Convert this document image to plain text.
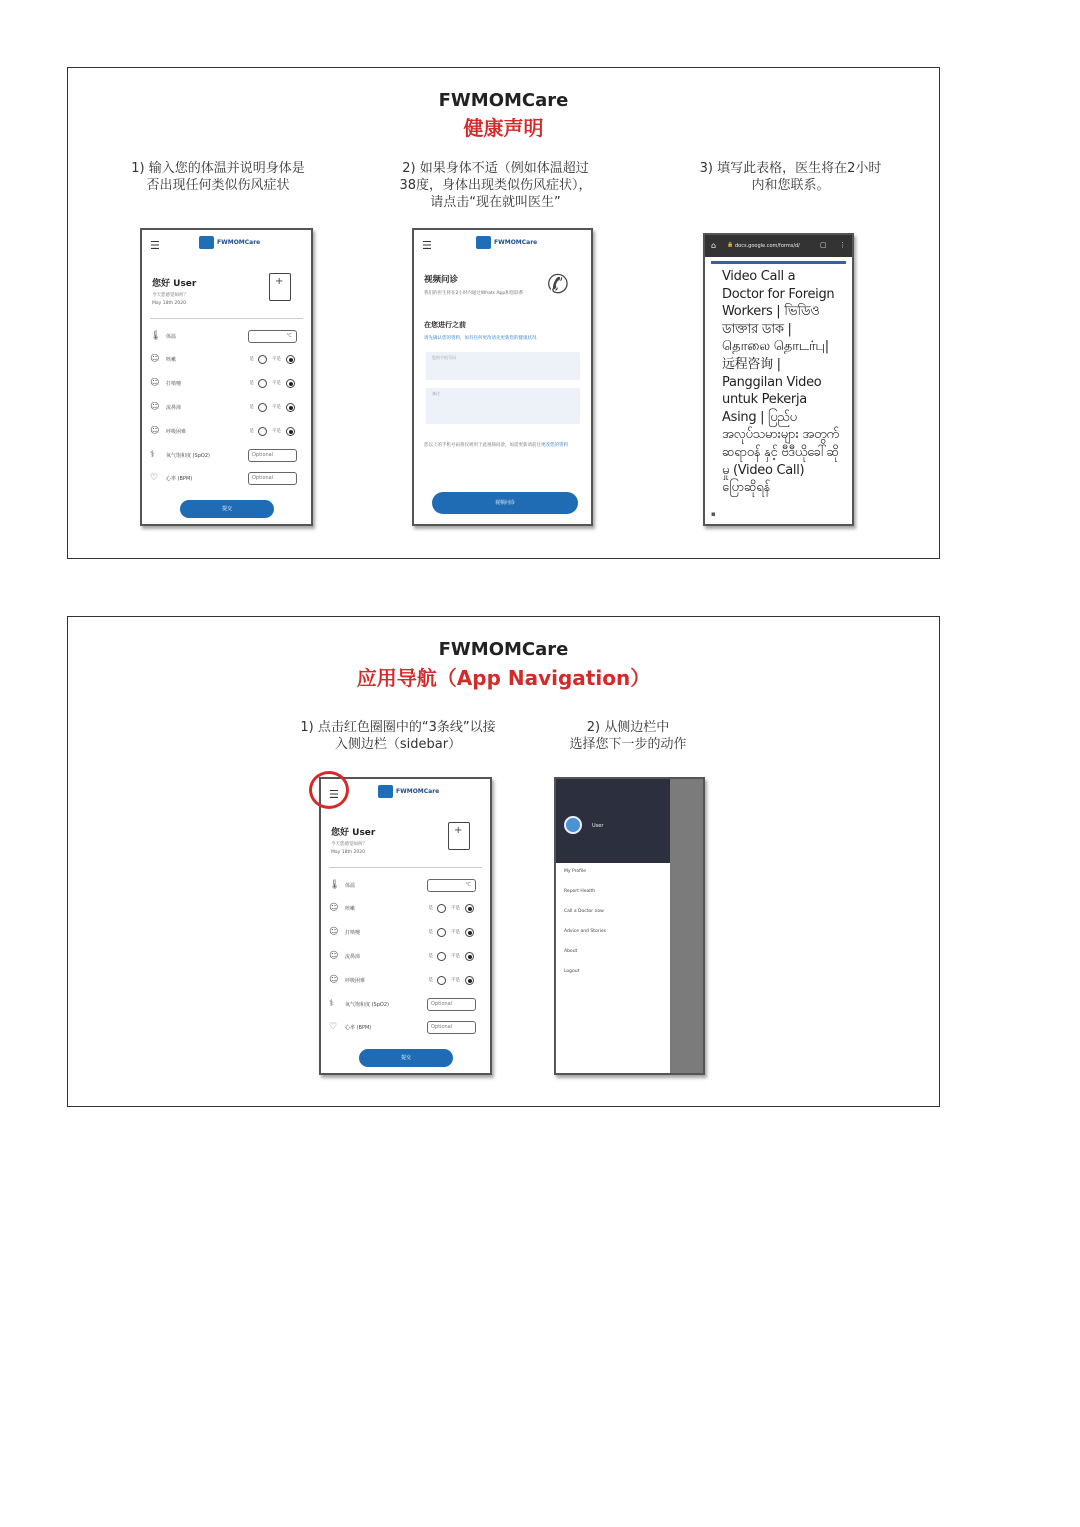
FWMOMCare
健康声明
1) 输入您的体温并说明身体是
否出现任何类似伤风症状
2) 如果身体不适（例如体温超过
38度，身体出现类似伤风症状），
请点击“现在就叫医生”
3) 填写此表格，医生将在2小时
内和您联系。
☰	FWMOMCare
您好 User
今天您感觉如何？
May 18th 2020
+
🌡 体温	℃
☺ 咳嗽	是	不是
☺ 打喷嚏	是	不是
☺ 流鼻涕	是	不是
☺ 呼吸困难	是	不是
⚕ 氧气饱和度 (SpO2)	Optional
♡ 心率 (BPM)	Optional
提交
☰	FWMOMCare
视频问诊
我们的医生将在2小时内通过Whats App和您联系 ✆
在您进行之前
请先确认您的资料，如有任何更改请先更新您的健康状况
您的手机号码
备注
您以上的手机号码将仅被用于此视频问诊，如需更新请前往更改您的资料
视频问诊
⌂ 🔒 docs.google.com/forms/d/	▢ ⋮
Video Call a Doctor for Foreign Workers | ভিডিও ডাক্তার ডাক | தொலை தொடர்பு| 远程咨询 | Panggilan Video untuk Pekerja Asing | ပြည်ပအလုပ်သမားများ အတွက် ဆရာဝန် နှင့် ဗီဒီယိုခေါ်ဆိုမှု (Video Call) ပြောဆိုရန်
▪
FWMOMCare
应用导航（App Navigation）
1) 点击红色圈圈中的“3条线”以接
入侧边栏（sidebar）
2) 从侧边栏中
选择您下一步的动作
☰	FWMOMCare
您好 User
今天您感觉如何？
May 18th 2020
+
🌡 体温	℃
☺ 咳嗽	是	不是
☺ 打喷嚏	是	不是
☺ 流鼻涕	是	不是
☺ 呼吸困难	是	不是
⚕ 氧气饱和度 (SpO2)	Optional
♡ 心率 (BPM)	Optional
提交
User
My Profile
Report Health
Call a Doctor now
Advice and Stories
About
Logout
